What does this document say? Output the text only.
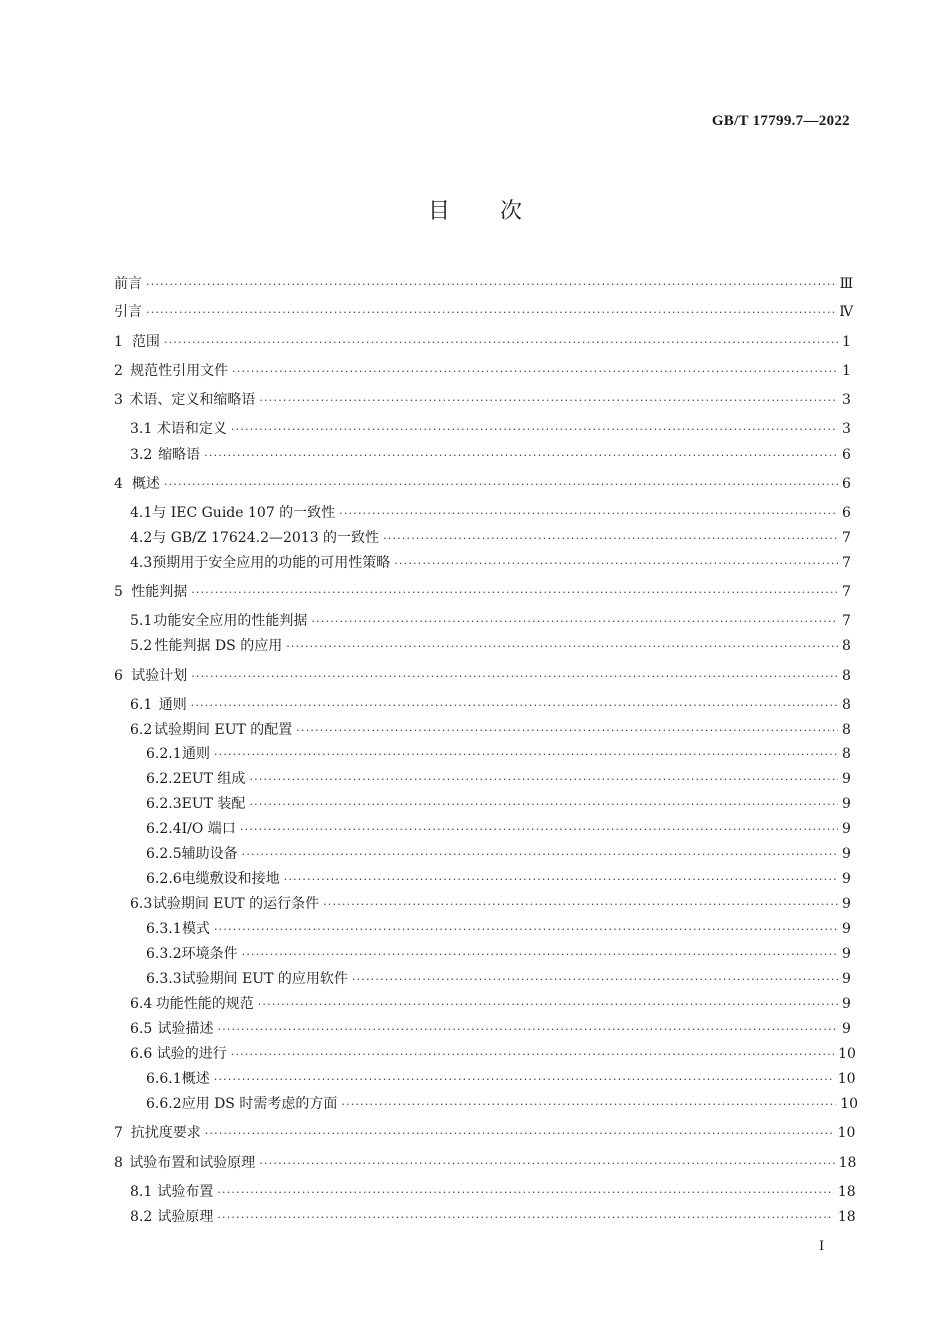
GB/T 17799.7—2022
目 次
前言 ·····	Ⅲ
引言 ·····	Ⅳ
1 范围 ·····	1
2 规范性引用文件 ·····	1
3 术语、定义和缩略语 ·····	3
3.1 术语和定义 ·····	3
3.2 缩略语 ·····	6
4 概述 ·····	6
4.1 与 IEC Guide 107 的一致性 ·····	6
4.2 与 GB/Z 17624.2—2013 的一致性 ·····	7
4.3 预期用于安全应用的功能的可用性策略 ·····	7
5 性能判据 ·····	7
5.1 功能安全应用的性能判据 ·····	7
5.2 性能判据 DS 的应用 ·····	8
6 试验计划 ·····	8
6.1 通则 ·····	8
6.2 试验期间 EUT 的配置 ·····	8
6.2.1 通则 ·····	8
6.2.2 EUT 组成 ·····	9
6.2.3 EUT 装配 ·····	9
6.2.4 I/O 端口 ·····	9
6.2.5 辅助设备 ·····	9
6.2.6 电缆敷设和接地 ·····	9
6.3 试验期间 EUT 的运行条件 ·····	9
6.3.1 模式 ·····	9
6.3.2 环境条件 ·····	9
6.3.3 试验期间 EUT 的应用软件 ·····	9
6.4 功能性能的规范 ·····	9
6.5 试验描述 ·····	9
6.6 试验的进行 ·····	10
6.6.1 概述 ·····	10
6.6.2 应用 DS 时需考虑的方面 ·····	10
7 抗扰度要求 ·····	10
8 试验布置和试验原理 ·····	18
8.1 试验布置 ·····	18
8.2 试验原理 ·····	18
I
